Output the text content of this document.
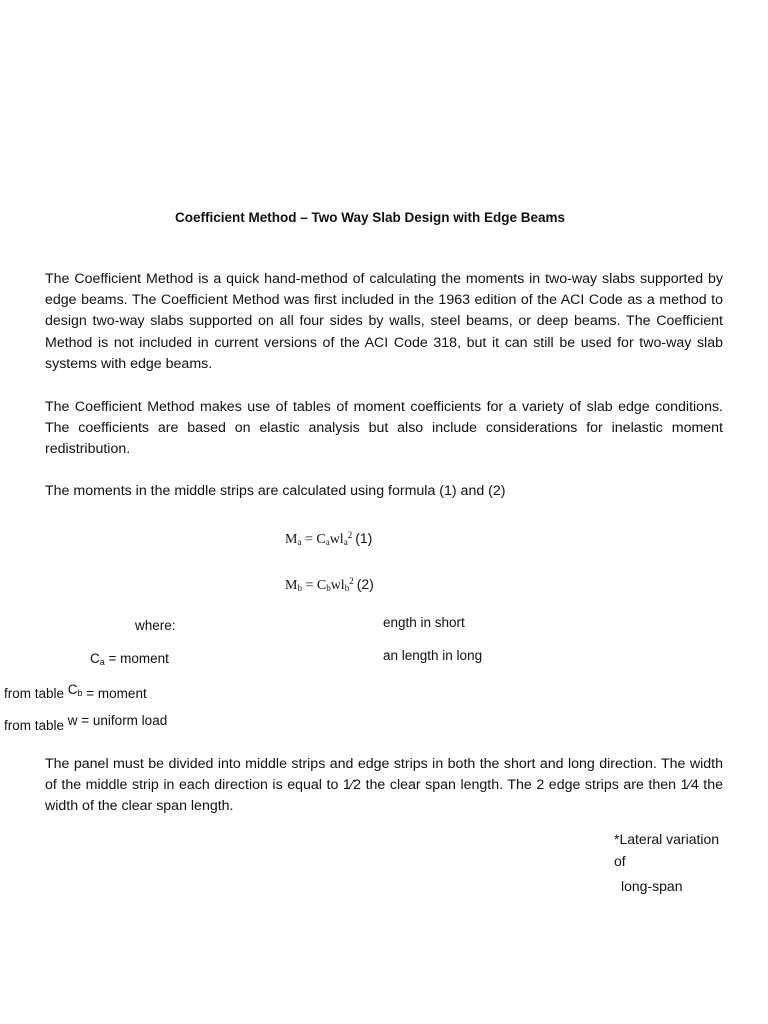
Coefficient Method – Two Way Slab Design with Edge Beams

The Coefficient Method is a quick hand-method of calculating the moments in two-way slabs supported by edge beams. The Coefficient Method was first included in the 1963 edition of the ACI Code as a method to design two-way slabs supported on all four sides by walls, steel beams, or deep beams. The Coefficient Method is not included in current versions of the ACI Code 318, but it can still be used for two-way slab systems with edge beams.

The Coefficient Method makes use of tables of moment coefficients for a variety of slab edge conditions. The coefficients are based on elastic analysis but also include considerations for inelastic moment redistribution.

The moments in the middle strips are calculated using formula (1) and (2)

$M_a = C_awl_a^2$ (1)
$M_b = C_bwl_b^2$ (2)
where:	ength in short
an length in long
$C_a$ = moment
from table $C_b$ = moment
from table w = uniform load

The panel must be divided into middle strips and edge strips in both the short and long direction. The width of the middle strip in each direction is equal to 1⁄2 the clear span length. The 2 edge strips are then 1⁄4 the width of the clear span length.

*Lateral variation
of
long-span
